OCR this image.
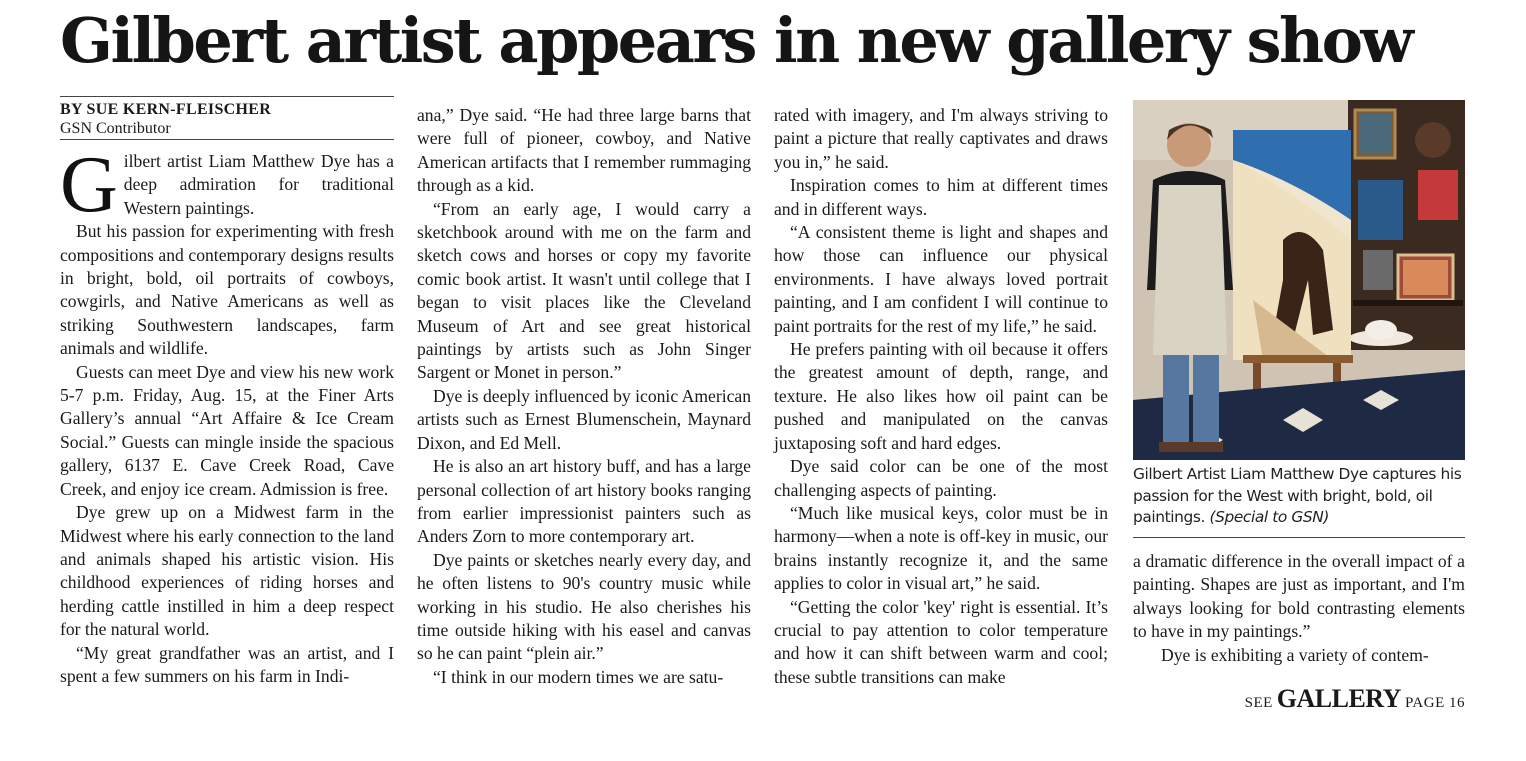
Gilbert artist appears in new gallery show
BY SUE KERN-FLEISCHER
GSN Contributor

Gilbert artist Liam Matthew Dye has a deep admiration for traditional Western paintings.

But his passion for experimenting with fresh compositions and contemporary designs results in bright, bold, oil portraits of cowboys, cowgirls, and Native Americans as well as striking Southwestern landscapes, farm animals and wildlife.

Guests can meet Dye and view his new work 5-7 p.m. Friday, Aug. 15, at the Finer Arts Gallery’s annual “Art Affaire & Ice Cream Social.” Guests can mingle inside the spacious gallery, 6137 E. Cave Creek Road, Cave Creek, and enjoy ice cream. Admission is free.

Dye grew up on a Midwest farm in the Midwest where his early connection to the land and animals shaped his artistic vision. His childhood experiences of riding horses and herding cattle instilled in him a deep respect for the natural world.

“My great grandfather was an artist, and I spent a few summers on his farm in Indi-

ana,” Dye said. “He had three large barns that were full of pioneer, cowboy, and Native American artifacts that I remember rummaging through as a kid.

“From an early age, I would carry a sketchbook around with me on the farm and sketch cows and horses or copy my favorite comic book artist. It wasn't until college that I began to visit places like the Cleveland Museum of Art and see great historical paintings by artists such as John Singer Sargent or Monet in person.”

Dye is deeply influenced by iconic American artists such as Ernest Blumenschein, Maynard Dixon, and Ed Mell.

He is also an art history buff, and has a large personal collection of art history books ranging from earlier impressionist painters such as Anders Zorn to more contemporary art.

Dye paints or sketches nearly every day, and he often listens to 90's country music while working in his studio. He also cherishes his time outside hiking with his easel and canvas so he can paint “plein air.”

“I think in our modern times we are satu-

rated with imagery, and I'm always striving to paint a picture that really captivates and draws you in,” he said.

Inspiration comes to him at different times and in different ways.

“A consistent theme is light and shapes and how those can influence our physical environments. I have always loved portrait painting, and I am confident I will continue to paint portraits for the rest of my life,” he said.

He prefers painting with oil because it offers the greatest amount of depth, range, and texture. He also likes how oil paint can be pushed and manipulated on the canvas juxtaposing soft and hard edges.

Dye said color can be one of the most challenging aspects of painting.

“Much like musical keys, color must be in harmony—when a note is off-key in music, our brains instantly recognize it, and the same applies to color in visual art,” he said.

“Getting the color 'key' right is essential. It’s crucial to pay attention to color temperature and how it can shift between warm and cool; these subtle transitions can make

Gilbert Artist Liam Matthew Dye captures his passion for the West with bright, bold, oil paintings. (Special to GSN)

a dramatic difference in the overall impact of a painting. Shapes are just as important, and I'm always looking for bold contrasting elements to have in my paintings.”

Dye is exhibiting a variety of contem-

SEE GALLERY PAGE 16
